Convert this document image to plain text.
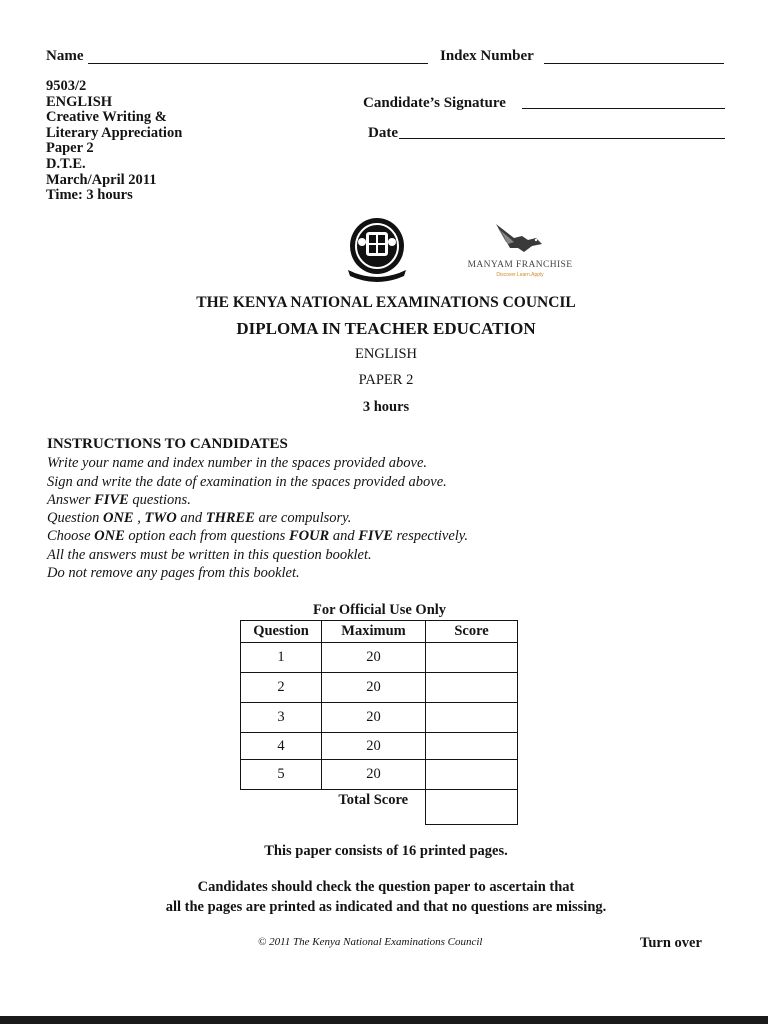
Name	Index Number
Candidate’s Signature
Date
9503/2
ENGLISH
Creative Writing &
Literary Appreciation
Paper 2
D.T.E.
March/April 2011
Time: 3 hours
MANYAM FRANCHISE
Discover.Learn.Apply
THE KENYA NATIONAL EXAMINATIONS COUNCIL
DIPLOMA IN TEACHER EDUCATION
ENGLISH
PAPER 2
3 hours
INSTRUCTIONS TO CANDIDATES
Write your name and index number in the spaces provided above.
Sign and write the date of examination in the spaces provided above.
Answer FIVE questions.
Question ONE , TWO and THREE are compulsory.
Choose ONE option each from questions FOUR and FIVE respectively.
All the answers must be written in this question booklet.
Do not remove any pages from this booklet.
For Official Use Only
Question	Maximum	Score
1	20	
2	20	
3	20	
4	20	
5	20	
	Total Score	
This paper consists of 16 printed pages.
Candidates should check the question paper to ascertain that
all the pages are printed as indicated and that no questions are missing.
© 2011 The Kenya National Examinations Council	Turn over
